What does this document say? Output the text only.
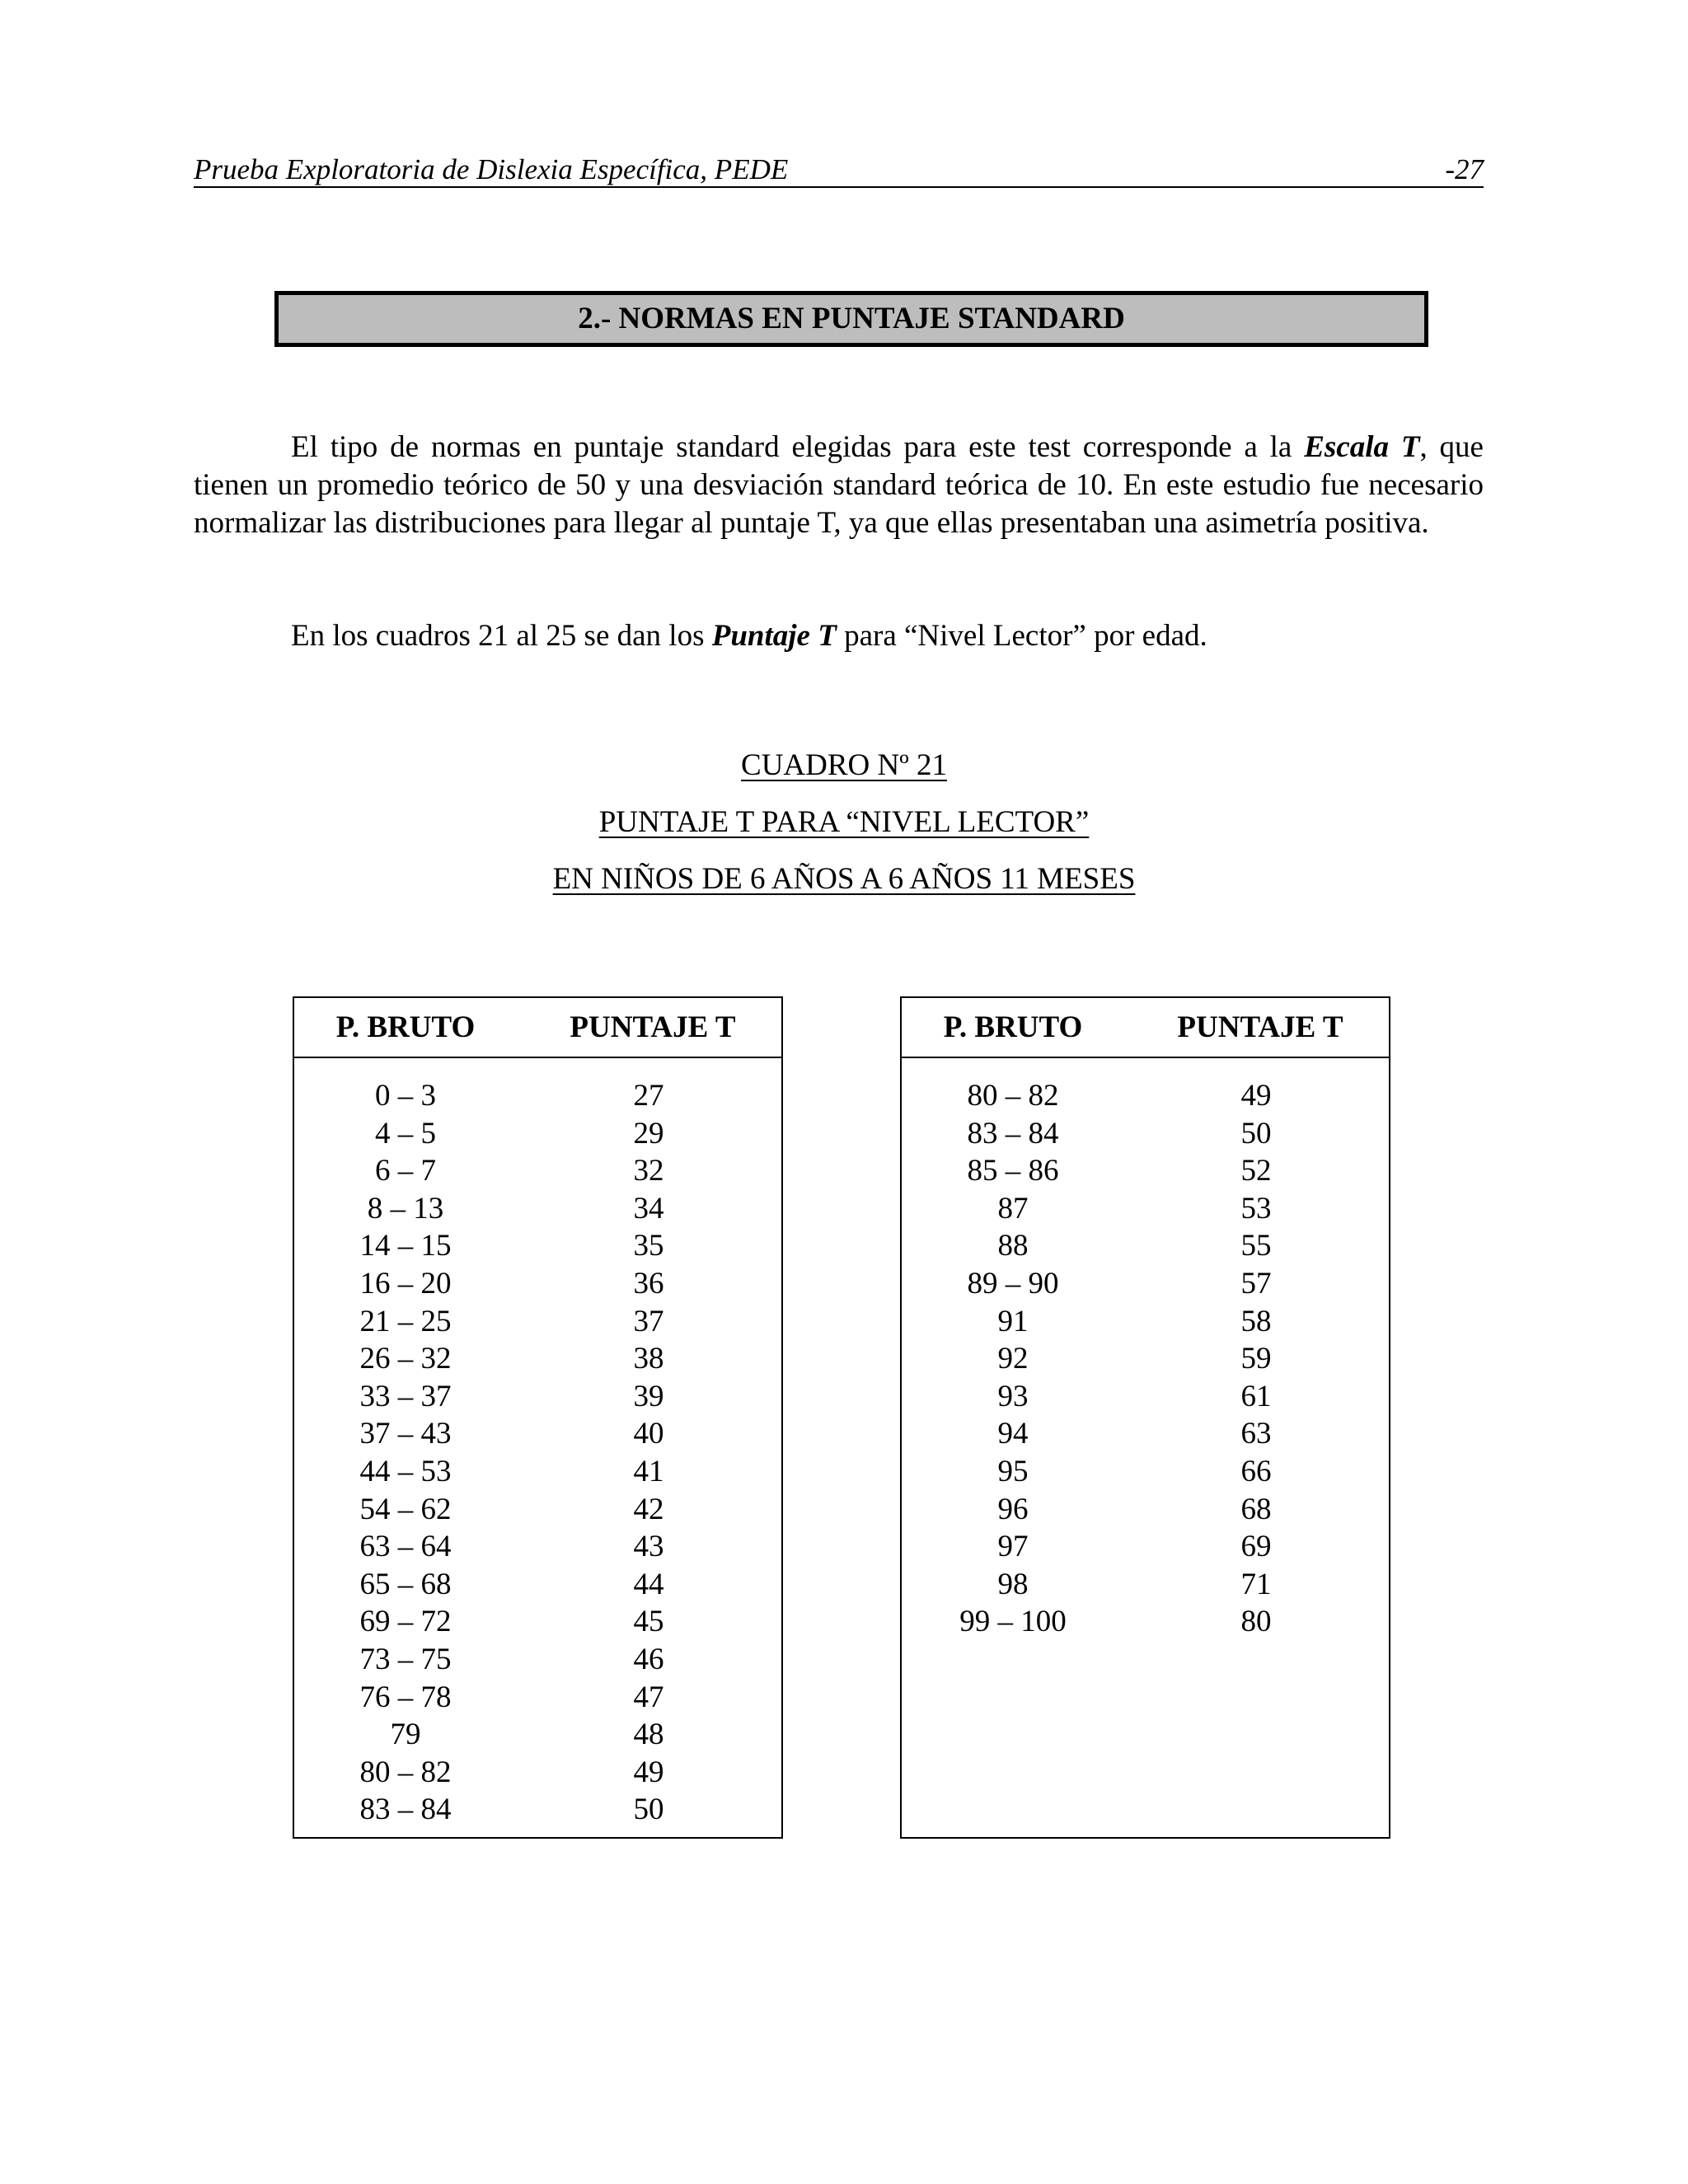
Prueba Exploratoria de Dislexia Específica, PEDE	-27
2.- NORMAS EN PUNTAJE STANDARD
El tipo de normas en puntaje standard elegidas para este test corresponde a la Escala T, que tienen un promedio teórico de 50 y una desviación standard teórica de 10. En este estudio fue necesario normalizar las distribuciones para llegar al puntaje T, ya que ellas presentaban una asimetría positiva.
En los cuadros 21 al 25 se dan los Puntaje T para “Nivel Lector” por edad.
CUADRO Nº 21
PUNTAJE T PARA “NIVEL LECTOR”
EN NIÑOS DE 6 AÑOS A 6 AÑOS 11 MESES
P. BRUTO	PUNTAJE T
0 – 3	27
4 – 5	29
6 – 7	32
8 – 13	34
14 – 15	35
16 – 20	36
21 – 25	37
26 – 32	38
33 – 37	39
37 – 43	40
44 – 53	41
54 – 62	42
63 – 64	43
65 – 68	44
69 – 72	45
73 – 75	46
76 – 78	47
79	48
80 – 82	49
83 – 84	50
P. BRUTO	PUNTAJE T
80 – 82	49
83 – 84	50
85 – 86	52
87	53
88	55
89 – 90	57
91	58
92	59
93	61
94	63
95	66
96	68
97	69
98	71
99 – 100	80
